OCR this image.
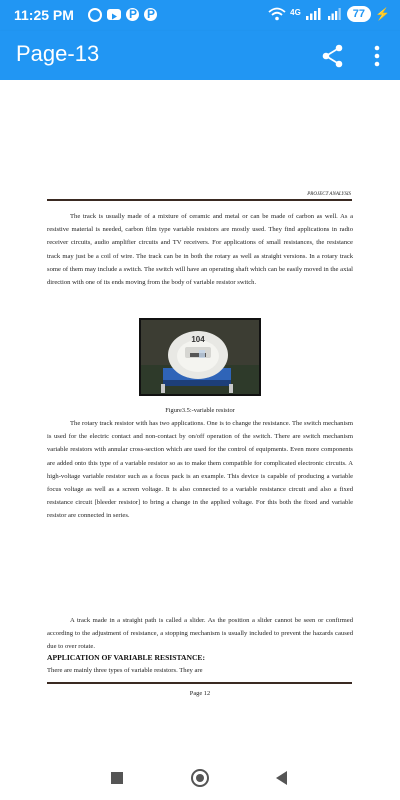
11:25 PM	P P	4G	77 ⚡
Page-13
PROJECT ANALYSIS

The track is usually made of a mixture of ceramic and metal or can be made of carbon as well. As a resistive material is needed, carbon film type variable resistors are mostly used. They find applications in radio receiver circuits, audio amplifier circuits and TV receivers. For applications of small resistances, the resistance track may just be a coil of wire. The track can be in both the rotary as well as straight versions. In a rotary track some of them may include a switch. The switch will have an operating shaft which can be easily moved in the axial direction with one of its ends moving from the body of variable resistor switch.

104
Figure3.5:-variable resistor

The rotary track resistor with has two applications. One is to change the resistance. The switch mechanism is used for the electric contact and non-contact by on/off operation of the switch. There are switch mechanism variable resistors with annular cross-section which are used for the control of equipments. Even more components are added onto this type of a variable resistor so as to make them compatible for complicated electronic circuits. A high-voltage variable resistor such as a focus pack is an example. This device is capable of producing a variable focus voltage as well as a screen voltage. It is also connected to a variable resistance circuit and also a fixed resistance circuit [bleeder resistor] to bring a change in the applied voltage. For this both the fixed and variable resistor are connected in series.

A track made in a straight path is called a slider. As the position a slider cannot be seen or confirmed according to the adjustment of resistance, a stopping mechanism is usually included to prevent the hazards caused due to over rotate.

APPLICATION OF VARIABLE RESISTANCE:

There are mainly three types of variable resistors. They are

Page 12
